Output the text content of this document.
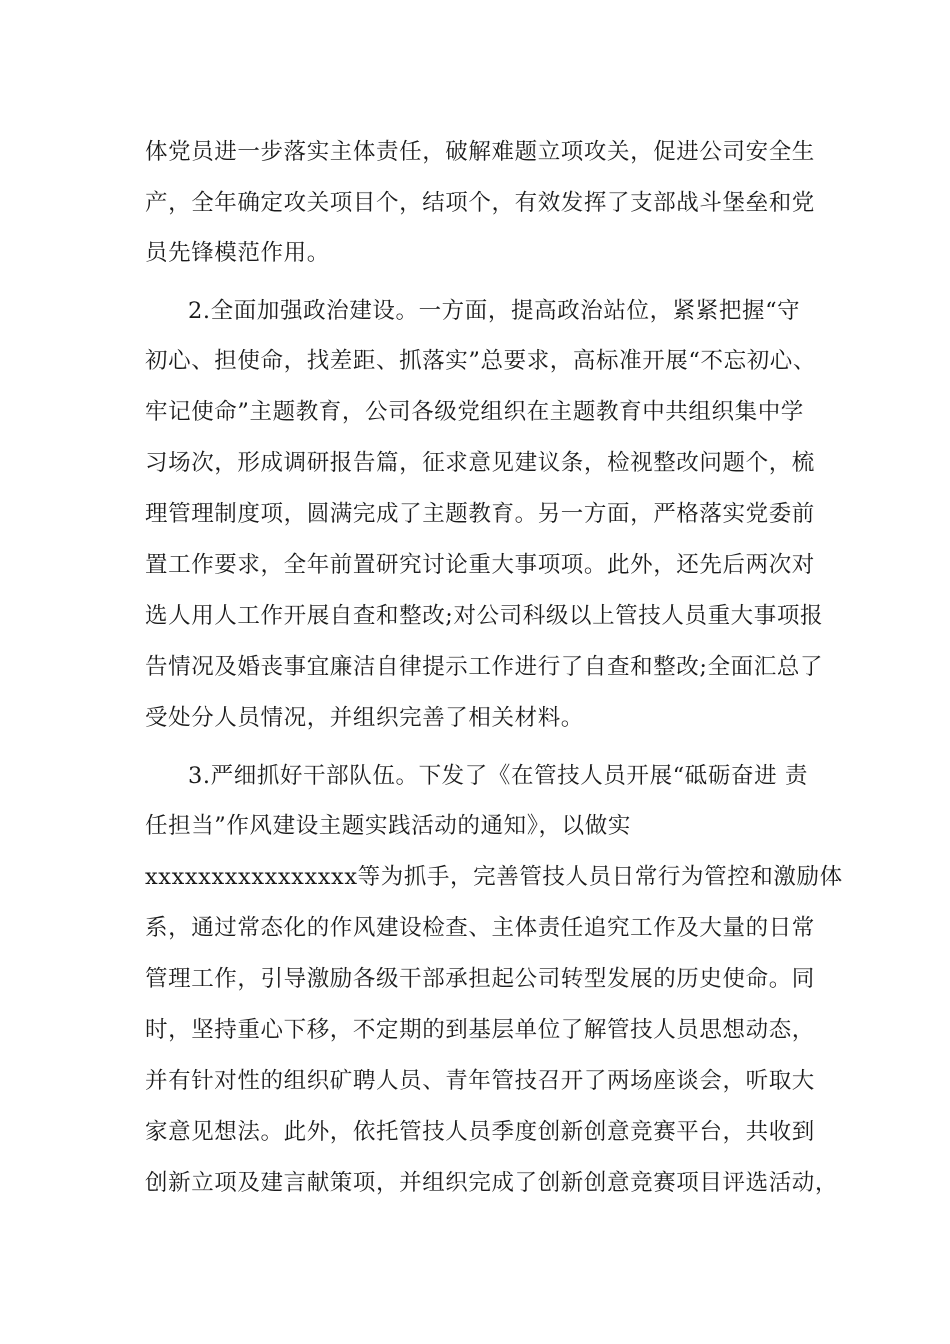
体党员进一步落实主体责任，破解难题立项攻关，促进公司安全生
产，全年确定攻关项目个，结项个，有效发挥了支部战斗堡垒和党
员先锋模范作用。
2.全面加强政治建设。一方面，提高政治站位，紧紧把握“守
初心、担使命，找差距、抓落实”总要求，高标准开展“不忘初心、
牢记使命”主题教育，公司各级党组织在主题教育中共组织集中学
习场次，形成调研报告篇，征求意见建议条，检视整改问题个，梳
理管理制度项，圆满完成了主题教育。另一方面，严格落实党委前
置工作要求，全年前置研究讨论重大事项项。此外，还先后两次对
选人用人工作开展自查和整改;对公司科级以上管技人员重大事项报
告情况及婚丧事宜廉洁自律提示工作进行了自查和整改;全面汇总了
受处分人员情况，并组织完善了相关材料。
3.严细抓好干部队伍。下发了《在管技人员开展“砥砺奋进 责
任担当”作风建设主题实践活动的通知》，以做实
xxxxxxxxxxxxxxxx等为抓手，完善管技人员日常行为管控和激励体
系，通过常态化的作风建设检查、主体责任追究工作及大量的日常
管理工作，引导激励各级干部承担起公司转型发展的历史使命。同
时，坚持重心下移，不定期的到基层单位了解管技人员思想动态，
并有针对性的组织矿聘人员、青年管技召开了两场座谈会，听取大
家意见想法。此外，依托管技人员季度创新创意竞赛平台，共收到
创新立项及建言献策项，并组织完成了创新创意竞赛项目评选活动，
